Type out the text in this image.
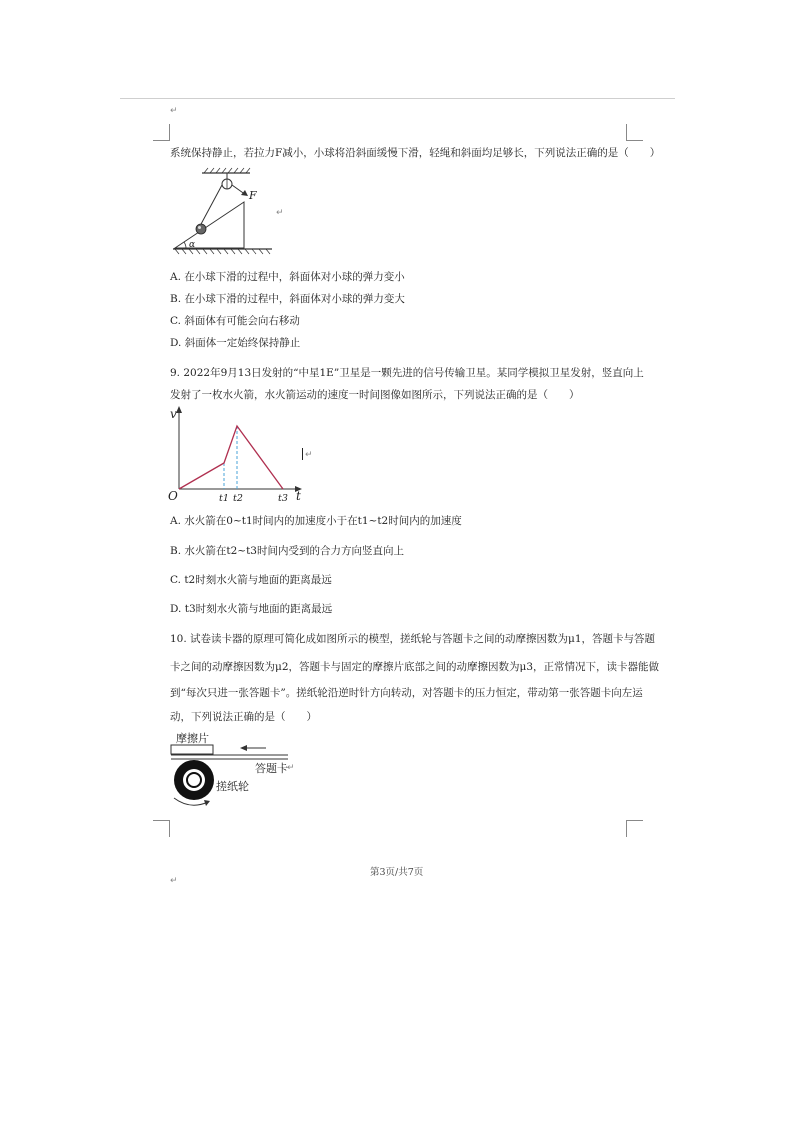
↵
↵
系统保持静止，若拉力F减小，小球将沿斜面缓慢下滑，轻绳和斜面均足够长，下列说法正确的是（　　）
F
α
↵
A. 在小球下滑的过程中，斜面体对小球的弹力变小
B. 在小球下滑的过程中，斜面体对小球的弹力变大
C. 斜面体有可能会向右移动
D. 斜面体一定始终保持静止
9. 2022年9月13日发射的“中星1E”卫星是一颗先进的信号传输卫星。某同学模拟卫星发射，竖直向上
发射了一枚水火箭，水火箭运动的速度一时间图像如图所示，下列说法正确的是（　　）
v
t
O	t1 t2	t3
↵
A. 水火箭在0~t1时间内的加速度小于在t1~t2时间内的加速度
B. 水火箭在t2~t3时间内受到的合力方向竖直向上
C. t2时刻水火箭与地面的距离最远
D. t3时刻水火箭与地面的距离最远
10. 试卷读卡器的原理可简化成如图所示的模型，搓纸轮与答题卡之间的动摩擦因数为μ1，答题卡与答题
卡之间的动摩擦因数为μ2，答题卡与固定的摩擦片底部之间的动摩擦因数为μ3，正常情况下，读卡器能做
到“每次只进一张答题卡”。搓纸轮沿逆时针方向转动，对答题卡的压力恒定，带动第一张答题卡向左运
动，下列说法正确的是（　　）
摩擦片
答题卡
搓纸轮
↵
第3页/共7页
